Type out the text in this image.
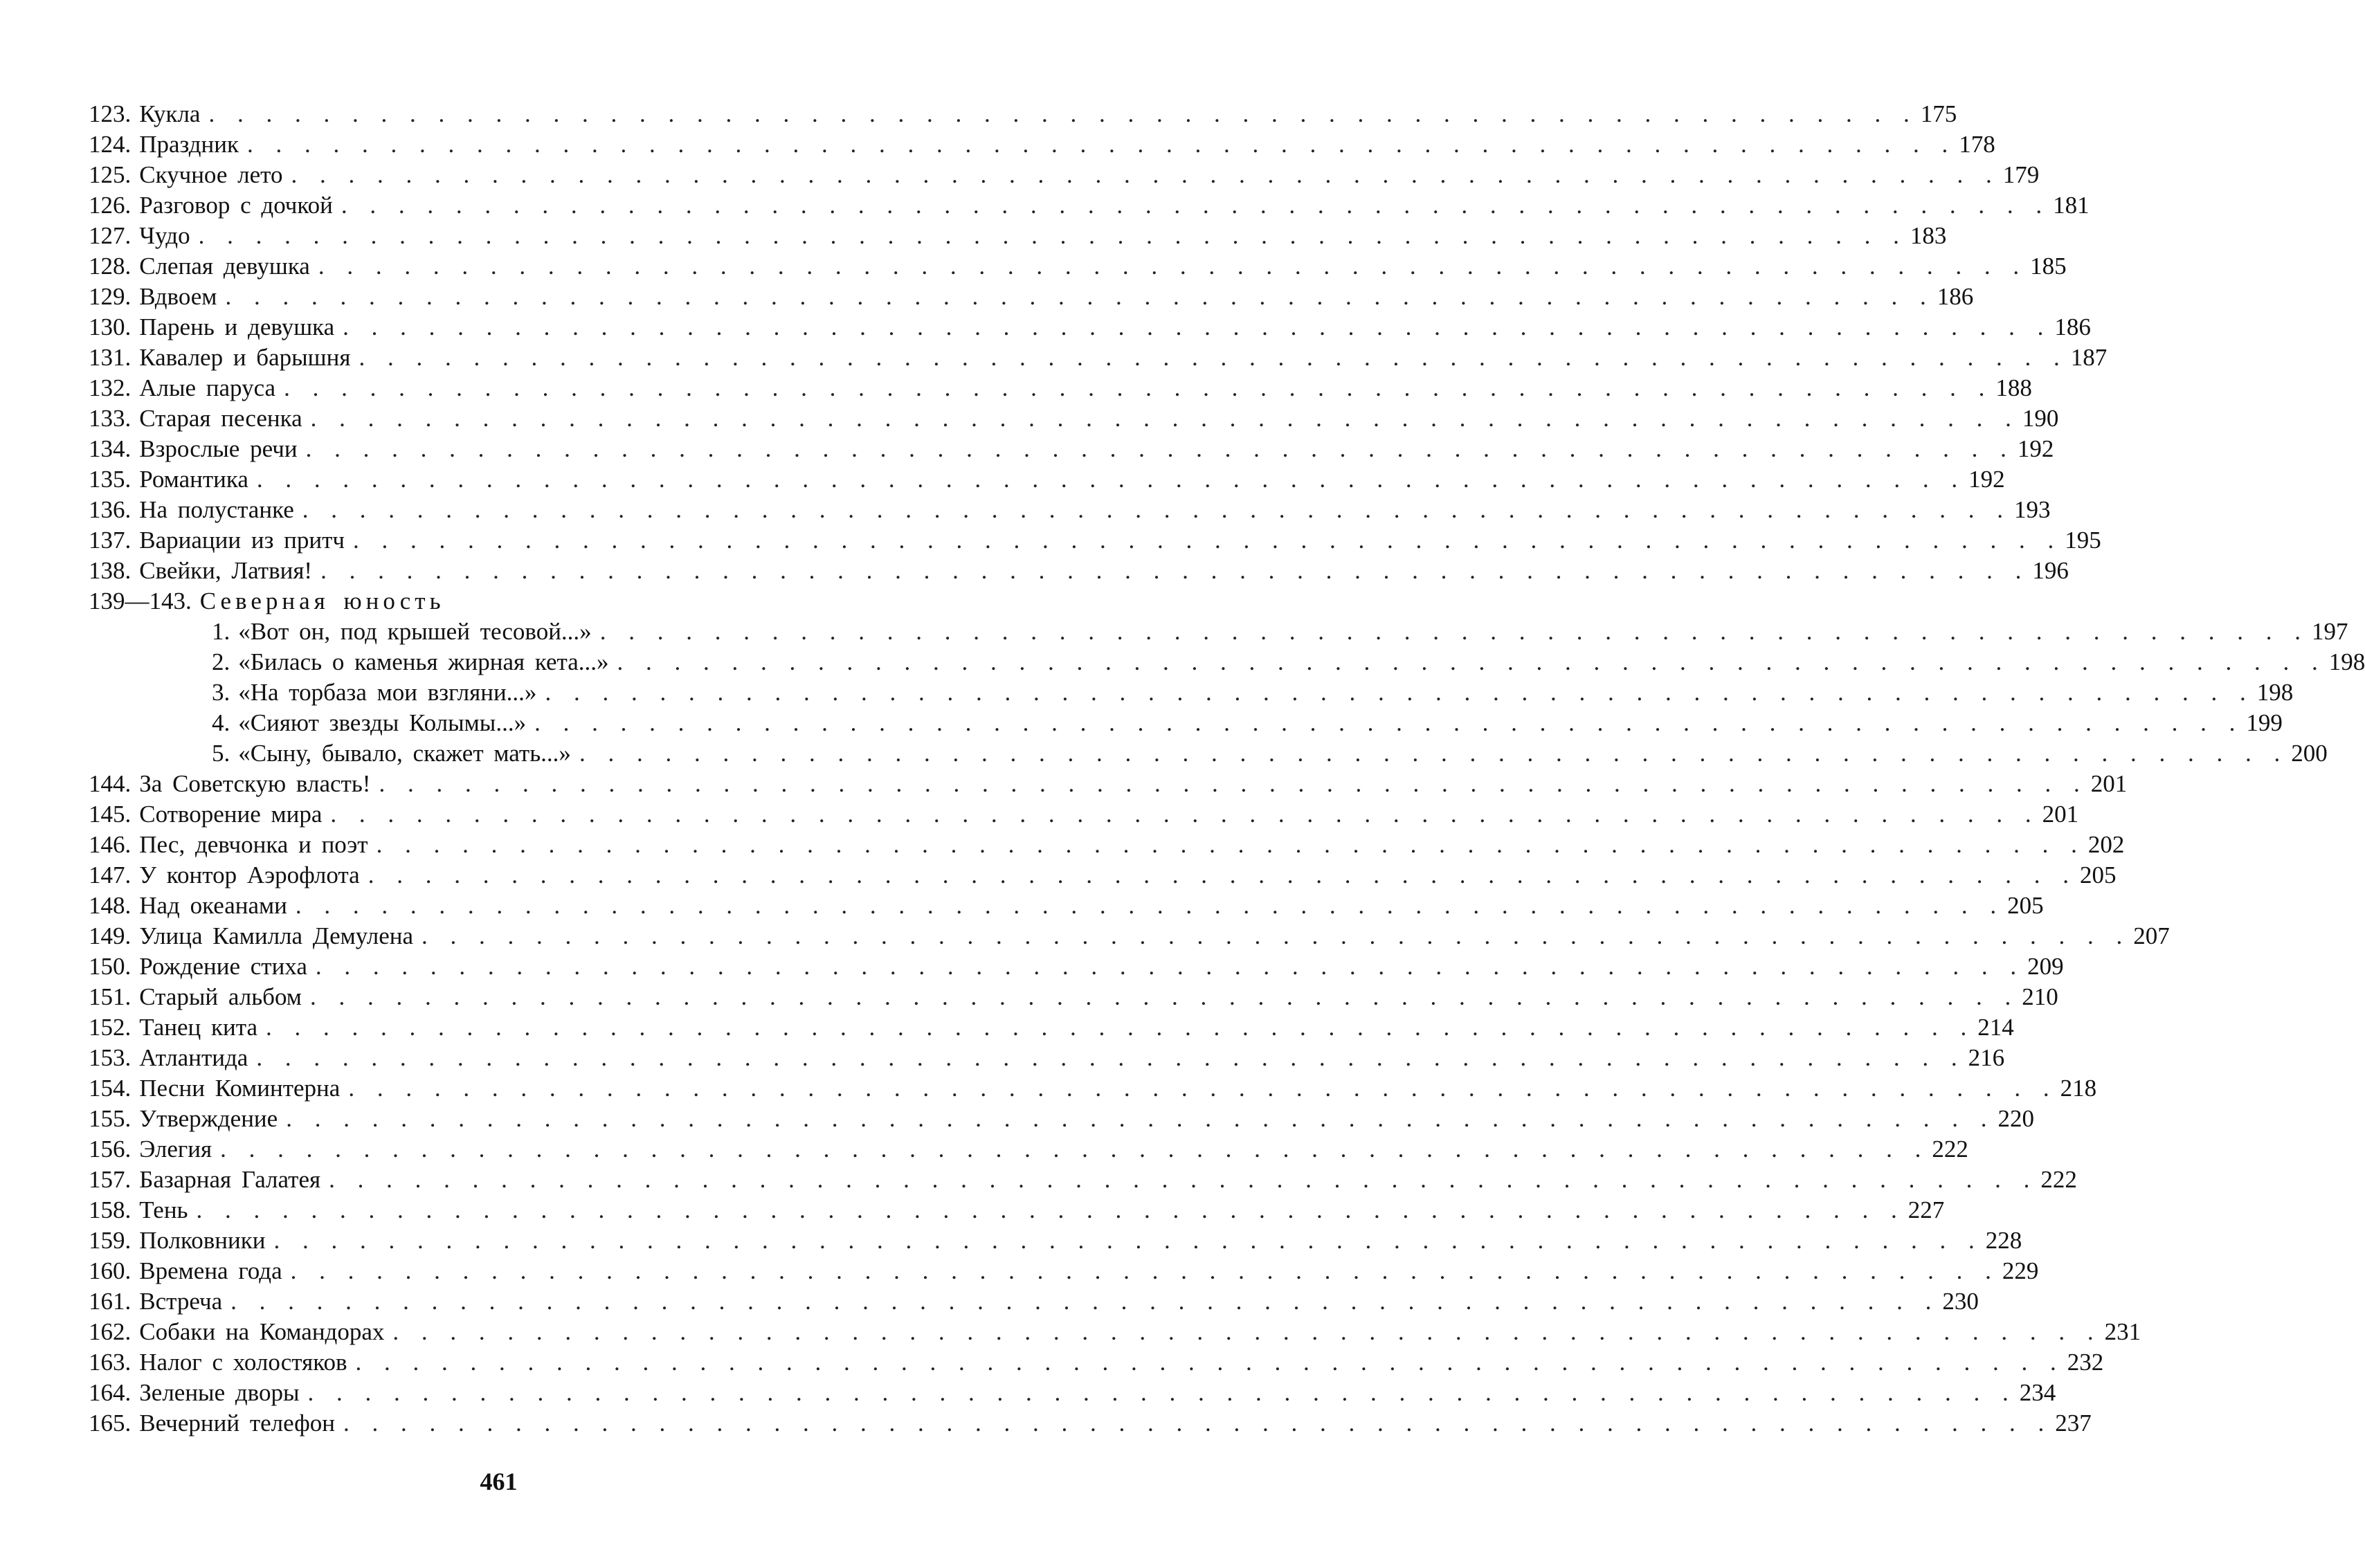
123. Кукла . . . . . . . . . . . . . . . . . . . . . . . . . . . . . . . . . . . . . . . . . . . . . . . . . . . . . . . . . . . . 175
124. Праздник . . . . . . . . . . . . . . . . . . . . . . . . . . . . . . . . . . . . . . . . . . . . . . . . . . . . . . . . . . . . 178
125. Скучное лето . . . . . . . . . . . . . . . . . . . . . . . . . . . . . . . . . . . . . . . . . . . . . . . . . . . . . . . . . . . . 179
126. Разговор с дочкой . . . . . . . . . . . . . . . . . . . . . . . . . . . . . . . . . . . . . . . . . . . . . . . . . . . . . . . . . . . . 181
127. Чудо . . . . . . . . . . . . . . . . . . . . . . . . . . . . . . . . . . . . . . . . . . . . . . . . . . . . . . . . . . . . 183
128. Слепая девушка . . . . . . . . . . . . . . . . . . . . . . . . . . . . . . . . . . . . . . . . . . . . . . . . . . . . . . . . . . . . 185
129. Вдвоем . . . . . . . . . . . . . . . . . . . . . . . . . . . . . . . . . . . . . . . . . . . . . . . . . . . . . . . . . . . . 186
130. Парень и девушка . . . . . . . . . . . . . . . . . . . . . . . . . . . . . . . . . . . . . . . . . . . . . . . . . . . . . . . . . . . . 186
131. Кавалер и барышня . . . . . . . . . . . . . . . . . . . . . . . . . . . . . . . . . . . . . . . . . . . . . . . . . . . . . . . . . . . . 187
132. Алые паруса . . . . . . . . . . . . . . . . . . . . . . . . . . . . . . . . . . . . . . . . . . . . . . . . . . . . . . . . . . . . 188
133. Старая песенка . . . . . . . . . . . . . . . . . . . . . . . . . . . . . . . . . . . . . . . . . . . . . . . . . . . . . . . . . . . . 190
134. Взрослые речи . . . . . . . . . . . . . . . . . . . . . . . . . . . . . . . . . . . . . . . . . . . . . . . . . . . . . . . . . . . . 192
135. Романтика . . . . . . . . . . . . . . . . . . . . . . . . . . . . . . . . . . . . . . . . . . . . . . . . . . . . . . . . . . . . 192
136. На полустанке . . . . . . . . . . . . . . . . . . . . . . . . . . . . . . . . . . . . . . . . . . . . . . . . . . . . . . . . . . . . 193
137. Вариации из притч . . . . . . . . . . . . . . . . . . . . . . . . . . . . . . . . . . . . . . . . . . . . . . . . . . . . . . . . . . . . 195
138. Свейки, Латвия! . . . . . . . . . . . . . . . . . . . . . . . . . . . . . . . . . . . . . . . . . . . . . . . . . . . . . . . . . . . . 196
139—143. Северная юность
1. «Вот он, под крышей тесовой...» . . . . . . . . . . . . . . . . . . . . . . . . . . . . . . . . . . . . . . . . . . . . . . . . . . . . . . . . . . . . 197
2. «Билась о каменья жирная кета...» . . . . . . . . . . . . . . . . . . . . . . . . . . . . . . . . . . . . . . . . . . . . . . . . . . . . . . . . . . . . 198
3. «На торбаза мои взгляни...» . . . . . . . . . . . . . . . . . . . . . . . . . . . . . . . . . . . . . . . . . . . . . . . . . . . . . . . . . . . . 198
4. «Сияют звезды Колымы...» . . . . . . . . . . . . . . . . . . . . . . . . . . . . . . . . . . . . . . . . . . . . . . . . . . . . . . . . . . . . 199
5. «Сыну, бывало, скажет мать...» . . . . . . . . . . . . . . . . . . . . . . . . . . . . . . . . . . . . . . . . . . . . . . . . . . . . . . . . . . . . 200
144. За Советскую власть! . . . . . . . . . . . . . . . . . . . . . . . . . . . . . . . . . . . . . . . . . . . . . . . . . . . . . . . . . . . . 201
145. Сотворение мира . . . . . . . . . . . . . . . . . . . . . . . . . . . . . . . . . . . . . . . . . . . . . . . . . . . . . . . . . . . . 201
146. Пес, девчонка и поэт . . . . . . . . . . . . . . . . . . . . . . . . . . . . . . . . . . . . . . . . . . . . . . . . . . . . . . . . . . . . 202
147. У контор Аэрофлота . . . . . . . . . . . . . . . . . . . . . . . . . . . . . . . . . . . . . . . . . . . . . . . . . . . . . . . . . . . . 205
148. Над океанами . . . . . . . . . . . . . . . . . . . . . . . . . . . . . . . . . . . . . . . . . . . . . . . . . . . . . . . . . . . . 205
149. Улица Камилла Демулена . . . . . . . . . . . . . . . . . . . . . . . . . . . . . . . . . . . . . . . . . . . . . . . . . . . . . . . . . . . . 207
150. Рождение стиха . . . . . . . . . . . . . . . . . . . . . . . . . . . . . . . . . . . . . . . . . . . . . . . . . . . . . . . . . . . . 209
151. Старый альбом . . . . . . . . . . . . . . . . . . . . . . . . . . . . . . . . . . . . . . . . . . . . . . . . . . . . . . . . . . . . 210
152. Танец кита . . . . . . . . . . . . . . . . . . . . . . . . . . . . . . . . . . . . . . . . . . . . . . . . . . . . . . . . . . . . 214
153. Атлантида . . . . . . . . . . . . . . . . . . . . . . . . . . . . . . . . . . . . . . . . . . . . . . . . . . . . . . . . . . . . 216
154. Песни Коминтерна . . . . . . . . . . . . . . . . . . . . . . . . . . . . . . . . . . . . . . . . . . . . . . . . . . . . . . . . . . . . 218
155. Утверждение . . . . . . . . . . . . . . . . . . . . . . . . . . . . . . . . . . . . . . . . . . . . . . . . . . . . . . . . . . . . 220
156. Элегия . . . . . . . . . . . . . . . . . . . . . . . . . . . . . . . . . . . . . . . . . . . . . . . . . . . . . . . . . . . . 222
157. Базарная Галатея . . . . . . . . . . . . . . . . . . . . . . . . . . . . . . . . . . . . . . . . . . . . . . . . . . . . . . . . . . . . 222
158. Тень . . . . . . . . . . . . . . . . . . . . . . . . . . . . . . . . . . . . . . . . . . . . . . . . . . . . . . . . . . . . 227
159. Полковники . . . . . . . . . . . . . . . . . . . . . . . . . . . . . . . . . . . . . . . . . . . . . . . . . . . . . . . . . . . . 228
160. Времена года . . . . . . . . . . . . . . . . . . . . . . . . . . . . . . . . . . . . . . . . . . . . . . . . . . . . . . . . . . . . 229
161. Встреча . . . . . . . . . . . . . . . . . . . . . . . . . . . . . . . . . . . . . . . . . . . . . . . . . . . . . . . . . . . . 230
162. Собаки на Командорах . . . . . . . . . . . . . . . . . . . . . . . . . . . . . . . . . . . . . . . . . . . . . . . . . . . . . . . . . . . . 231
163. Налог с холостяков . . . . . . . . . . . . . . . . . . . . . . . . . . . . . . . . . . . . . . . . . . . . . . . . . . . . . . . . . . . . 232
164. Зеленые дворы . . . . . . . . . . . . . . . . . . . . . . . . . . . . . . . . . . . . . . . . . . . . . . . . . . . . . . . . . . . . 234
165. Вечерний телефон . . . . . . . . . . . . . . . . . . . . . . . . . . . . . . . . . . . . . . . . . . . . . . . . . . . . . . . . . . . . 237
461
